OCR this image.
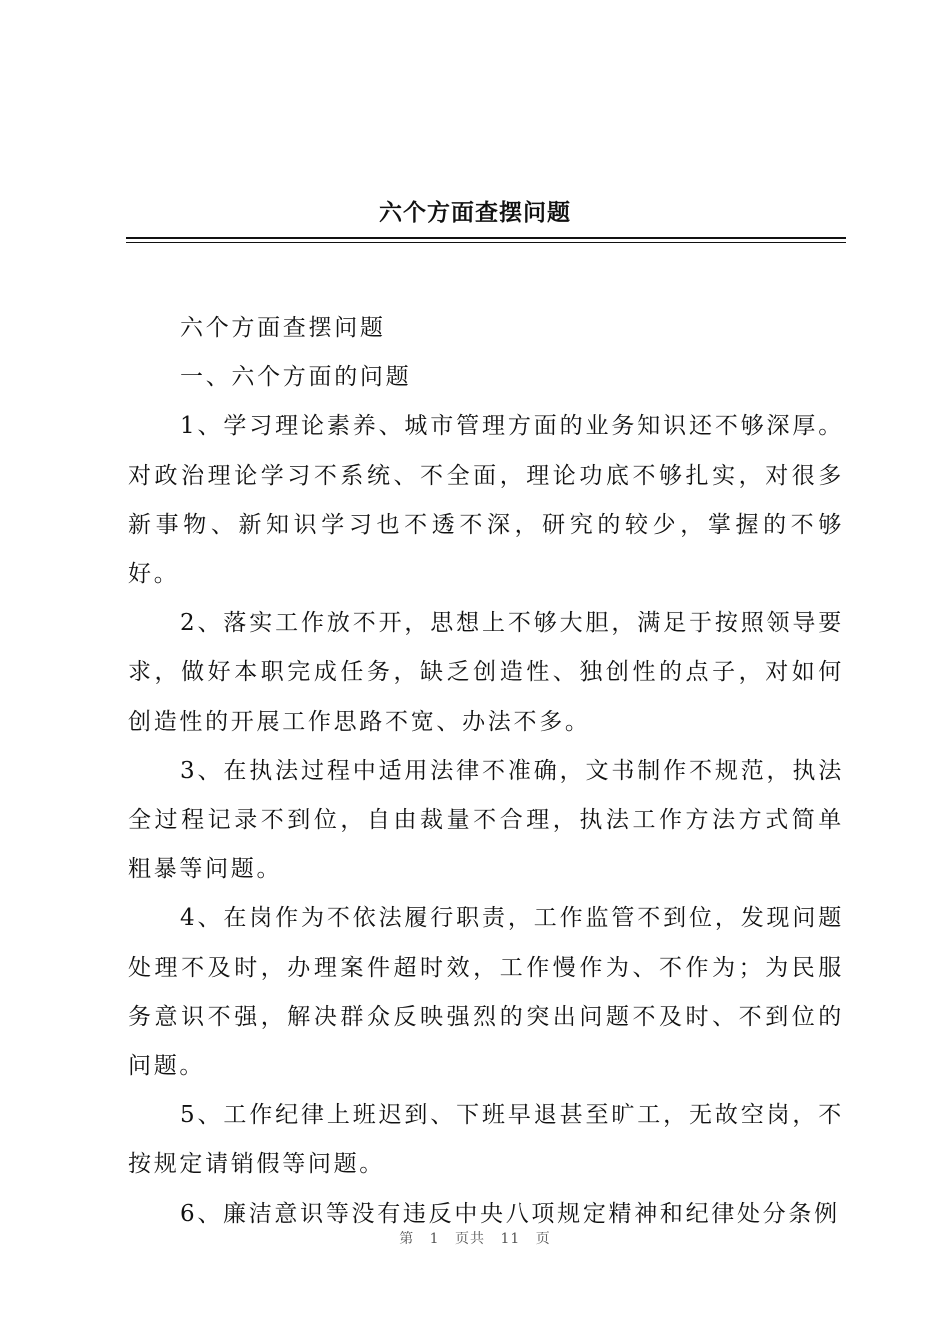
六个方面查摆问题

六个方面查摆问题

一、六个方面的问题

1、学习理论素养、城市管理方面的业务知识还不够深厚。对政治理论学习不系统、不全面，理论功底不够扎实，对很多新事物、新知识学习也不透不深，研究的较少，掌握的不够好。

2、落实工作放不开，思想上不够大胆，满足于按照领导要求，做好本职完成任务，缺乏创造性、独创性的点子，对如何创造性的开展工作思路不宽、办法不多。

3、在执法过程中适用法律不准确，文书制作不规范，执法全过程记录不到位，自由裁量不合理，执法工作方法方式简单粗暴等问题。

4、在岗作为不依法履行职责，工作监管不到位，发现问题处理不及时，办理案件超时效，工作慢作为、不作为；为民服务意识不强，解决群众反映强烈的突出问题不及时、不到位的问题。

5、工作纪律上班迟到、下班早退甚至旷工，无故空岗，不按规定请销假等问题。

6、廉洁意识等没有违反中央八项规定精神和纪律处分条例

第 1 页共 11 页
